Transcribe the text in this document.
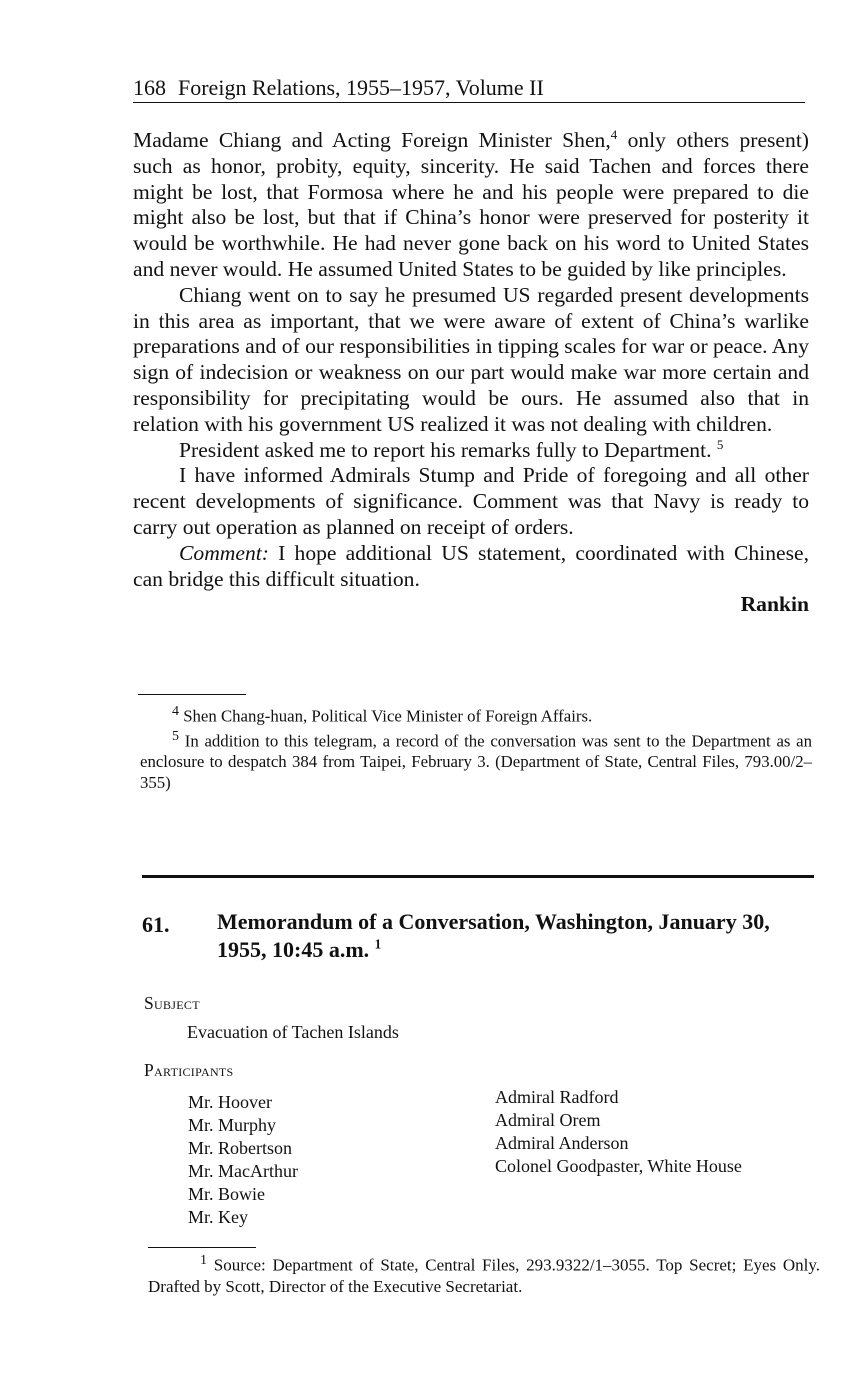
168 Foreign Relations, 1955–1957, Volume II

Madame Chiang and Acting Foreign Minister Shen,$^4$ only others present) such as honor, probity, equity, sincerity. He said Tachen and forces there might be lost, that Formosa where he and his people were prepared to die might also be lost, but that if China’s honor were preserved for posterity it would be worthwhile. He had never gone back on his word to United States and never would. He assumed United States to be guided by like principles.

Chiang went on to say he presumed US regarded present developments in this area as important, that we were aware of extent of China’s warlike preparations and of our responsibilities in tipping scales for war or peace. Any sign of indecision or weakness on our part would make war more certain and responsibility for precipitating would be ours. He assumed also that in relation with his government US realized it was not dealing with children.

President asked me to report his remarks fully to Department. $^5$

I have informed Admirals Stump and Pride of foregoing and all other recent developments of significance. Comment was that Navy is ready to carry out operation as planned on receipt of orders.

Comment: I hope additional US statement, coordinated with Chinese, can bridge this difficult situation.

Rankin

$^4$ Shen Chang-huan, Political Vice Minister of Foreign Affairs.

$^5$ In addition to this telegram, a record of the conversation was sent to the Department as an enclosure to despatch 384 from Taipei, February 3. (Department of State, Central Files, 793.00/2–355)

61. Memorandum of a Conversation, Washington, January 30, 1955, 10:45 a.m. $^1$
Subject
Evacuation of Tachen Islands
Participants
Mr. Hoover
Mr. Murphy
Mr. Robertson
Mr. MacArthur
Mr. Bowie
Mr. Key
Admiral Radford
Admiral Orem
Admiral Anderson
Colonel Goodpaster, White House

$^1$ Source: Department of State, Central Files, 293.9322/1–3055. Top Secret; Eyes Only. Drafted by Scott, Director of the Executive Secretariat.
